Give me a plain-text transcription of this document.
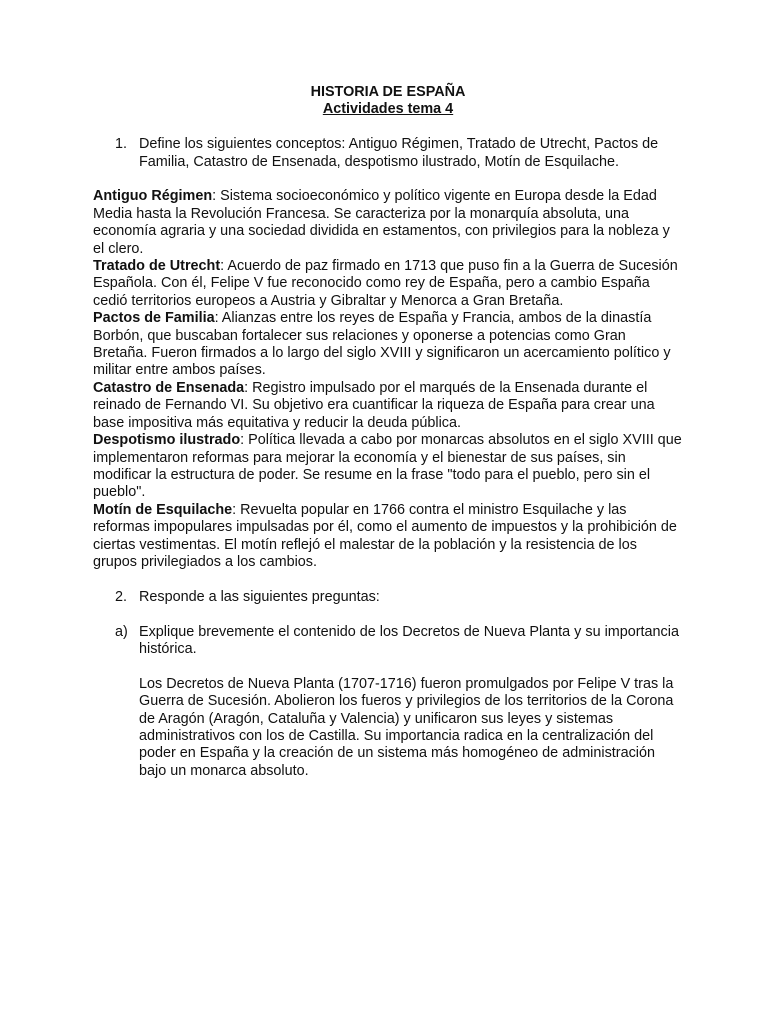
HISTORIA DE ESPAÑA

Actividades tema 4

1. Define los siguientes conceptos: Antiguo Régimen, Tratado de Utrecht, Pactos de Familia, Catastro de Ensenada, despotismo ilustrado, Motín de Esquilache.

Antiguo Régimen: Sistema socioeconómico y político vigente en Europa desde la Edad Media hasta la Revolución Francesa. Se caracteriza por la monarquía absoluta, una economía agraria y una sociedad dividida en estamentos, con privilegios para la nobleza y el clero.

Tratado de Utrecht: Acuerdo de paz firmado en 1713 que puso fin a la Guerra de Sucesión Española. Con él, Felipe V fue reconocido como rey de España, pero a cambio España cedió territorios europeos a Austria y Gibraltar y Menorca a Gran Bretaña.

Pactos de Familia: Alianzas entre los reyes de España y Francia, ambos de la dinastía Borbón, que buscaban fortalecer sus relaciones y oponerse a potencias como Gran Bretaña. Fueron firmados a lo largo del siglo XVIII y significaron un acercamiento político y militar entre ambos países.

Catastro de Ensenada: Registro impulsado por el marqués de la Ensenada durante el reinado de Fernando VI. Su objetivo era cuantificar la riqueza de España para crear una base impositiva más equitativa y reducir la deuda pública.

Despotismo ilustrado: Política llevada a cabo por monarcas absolutos en el siglo XVIII que implementaron reformas para mejorar la economía y el bienestar de sus países, sin modificar la estructura de poder. Se resume en la frase "todo para el pueblo, pero sin el pueblo".

Motín de Esquilache: Revuelta popular en 1766 contra el ministro Esquilache y las reformas impopulares impulsadas por él, como el aumento de impuestos y la prohibición de ciertas vestimentas. El motín reflejó el malestar de la población y la resistencia de los grupos privilegiados a los cambios.

2. Responde a las siguientes preguntas:
a) Explique brevemente el contenido de los Decretos de Nueva Planta y su importancia histórica.

Los Decretos de Nueva Planta (1707-1716) fueron promulgados por Felipe V tras la Guerra de Sucesión. Abolieron los fueros y privilegios de los territorios de la Corona de Aragón (Aragón, Cataluña y Valencia) y unificaron sus leyes y sistemas administrativos con los de Castilla. Su importancia radica en la centralización del poder en España y la creación de un sistema más homogéneo de administración bajo un monarca absoluto.
